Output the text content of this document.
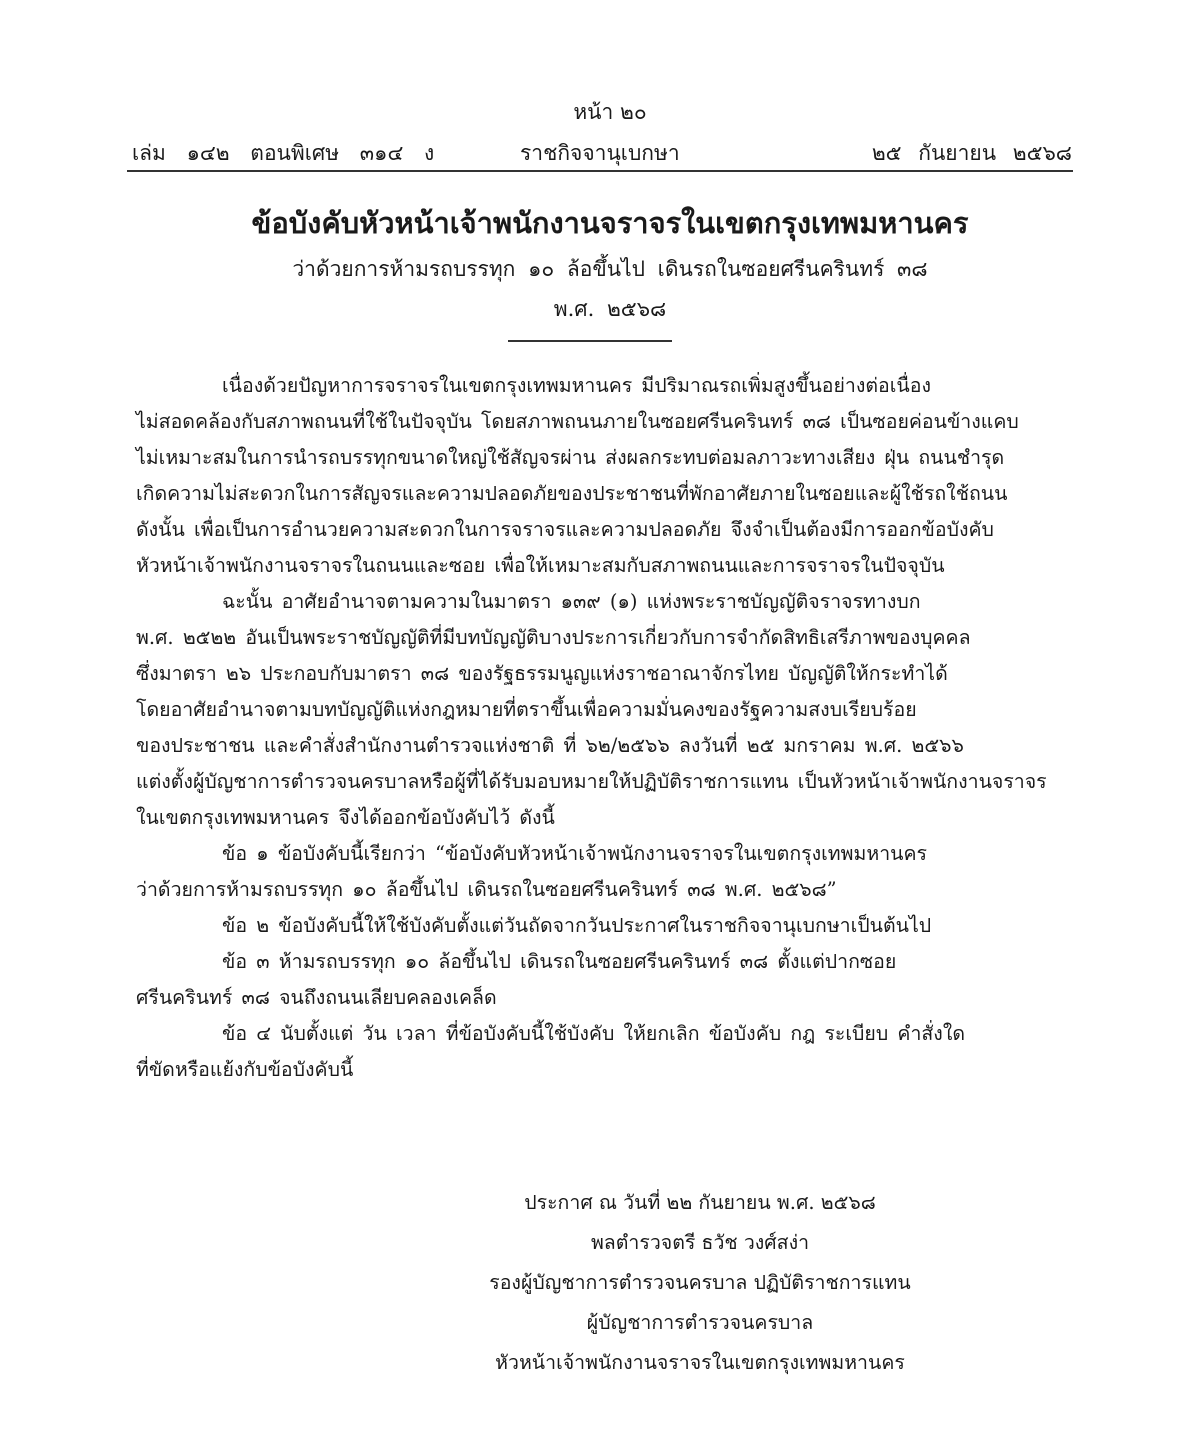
หน้า ๒๐
เล่ม ๑๔๒ ตอนพิเศษ ๓๑๔ ง	ราชกิจจานุเบกษา	๒๕ กันยายน ๒๕๖๘
ข้อบังคับหัวหน้าเจ้าพนักงานจราจรในเขตกรุงเทพมหานคร
ว่าด้วยการห้ามรถบรรทุก ๑๐ ล้อขึ้นไป เดินรถในซอยศรีนครินทร์ ๓๘
พ.ศ. ๒๕๖๘
เนื่องด้วยปัญหาการจราจรในเขตกรุงเทพมหานคร มีปริมาณรถเพิ่มสูงขึ้นอย่างต่อเนื่อง
ไม่สอดคล้องกับสภาพถนนที่ใช้ในปัจจุบัน โดยสภาพถนนภายในซอยศรีนครินทร์ ๓๘ เป็นซอยค่อนข้างแคบ
ไม่เหมาะสมในการนำรถบรรทุกขนาดใหญ่ใช้สัญจรผ่าน ส่งผลกระทบต่อมลภาวะทางเสียง ฝุ่น ถนนชำรุด
เกิดความไม่สะดวกในการสัญจรและความปลอดภัยของประชาชนที่พักอาศัยภายในซอยและผู้ใช้รถใช้ถนน
ดังนั้น เพื่อเป็นการอำนวยความสะดวกในการจราจรและความปลอดภัย จึงจำเป็นต้องมีการออกข้อบังคับ
หัวหน้าเจ้าพนักงานจราจรในถนนและซอย เพื่อให้เหมาะสมกับสภาพถนนและการจราจรในปัจจุบัน
ฉะนั้น อาศัยอำนาจตามความในมาตรา ๑๓๙ (๑) แห่งพระราชบัญญัติจราจรทางบก
พ.ศ. ๒๕๒๒ อันเป็นพระราชบัญญัติที่มีบทบัญญัติบางประการเกี่ยวกับการจำกัดสิทธิเสรีภาพของบุคคล
ซึ่งมาตรา ๒๖ ประกอบกับมาตรา ๓๘ ของรัฐธรรมนูญแห่งราชอาณาจักรไทย บัญญัติให้กระทำได้
โดยอาศัยอำนาจตามบทบัญญัติแห่งกฎหมายที่ตราขึ้นเพื่อความมั่นคงของรัฐความสงบเรียบร้อย
ของประชาชน และคำสั่งสำนักงานตำรวจแห่งชาติ ที่ ๖๒/๒๕๖๖ ลงวันที่ ๒๕ มกราคม พ.ศ. ๒๕๖๖
แต่งตั้งผู้บัญชาการตำรวจนครบาลหรือผู้ที่ได้รับมอบหมายให้ปฏิบัติราชการแทน เป็นหัวหน้าเจ้าพนักงานจราจร
ในเขตกรุงเทพมหานคร จึงได้ออกข้อบังคับไว้ ดังนี้
ข้อ ๑ ข้อบังคับนี้เรียกว่า “ข้อบังคับหัวหน้าเจ้าพนักงานจราจรในเขตกรุงเทพมหานคร
ว่าด้วยการห้ามรถบรรทุก ๑๐ ล้อขึ้นไป เดินรถในซอยศรีนครินทร์ ๓๘ พ.ศ. ๒๕๖๘”
ข้อ ๒ ข้อบังคับนี้ให้ใช้บังคับตั้งแต่วันถัดจากวันประกาศในราชกิจจานุเบกษาเป็นต้นไป
ข้อ ๓ ห้ามรถบรรทุก ๑๐ ล้อขึ้นไป เดินรถในซอยศรีนครินทร์ ๓๘ ตั้งแต่ปากซอย
ศรีนครินทร์ ๓๘ จนถึงถนนเลียบคลองเคล็ด
ข้อ ๔ นับตั้งแต่ วัน เวลา ที่ข้อบังคับนี้ใช้บังคับ ให้ยกเลิก ข้อบังคับ กฎ ระเบียบ คำสั่งใด
ที่ขัดหรือแย้งกับข้อบังคับนี้
ประกาศ ณ วันที่ ๒๒ กันยายน พ.ศ. ๒๕๖๘
พลตำรวจตรี ธวัช วงศ์สง่า
รองผู้บัญชาการตำรวจนครบาล ปฏิบัติราชการแทน
ผู้บัญชาการตำรวจนครบาล
หัวหน้าเจ้าพนักงานจราจรในเขตกรุงเทพมหานคร
